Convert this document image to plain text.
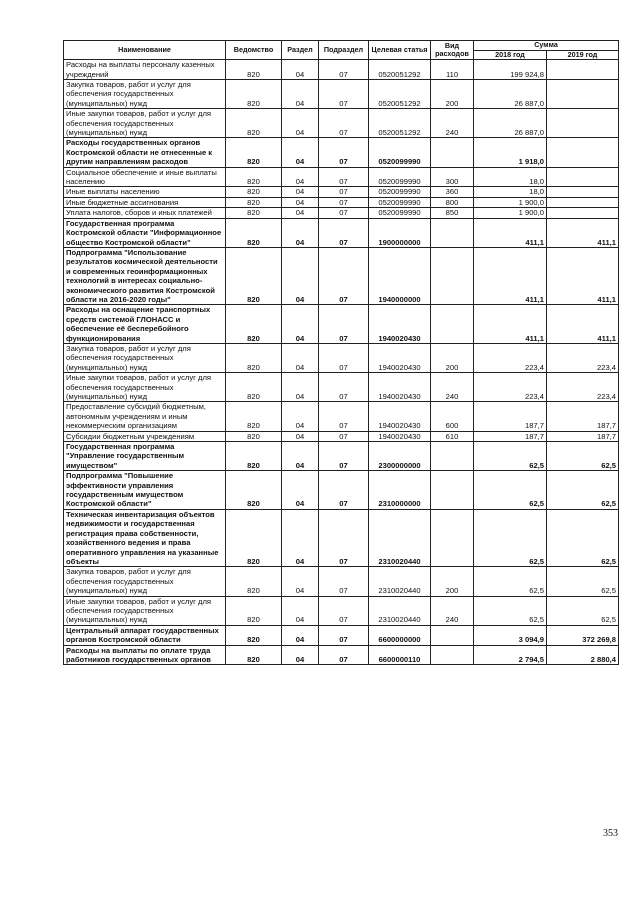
Наименование	Ведомство	Раздел	Подраздел	Целевая статья	Вид расходов	Сумма	
						2018 год	2019 год
Расходы на выплаты персоналу казенных учреждений	820	04	07	0520051292	110	199 924,8	
Закупка товаров, работ и услуг для обеспечения государственных (муниципальных) нужд	820	04	07	0520051292	200	26 887,0	
Иные закупки товаров, работ и услуг для обеспечения государственных (муниципальных) нужд	820	04	07	0520051292	240	26 887,0	
Расходы государственных органов Костромской области не отнесенные к другим направлениям расходов	820	04	07	0520099990		1 918,0	
Социальное обеспечение и иные выплаты населению	820	04	07	0520099990	300	18,0	
Иные выплаты населению	820	04	07	0520099990	360	18,0	
Иные бюджетные ассигнования	820	04	07	0520099990	800	1 900,0	
Уплата налогов, сборов и иных платежей	820	04	07	0520099990	850	1 900,0	
Государственная программа Костромской области "Информационное общество Костромской области"	820	04	07	1900000000		411,1	411,1
Подпрограмма "Использование результатов космической деятельности и современных геоинформационных технологий в интересах социально-экономического развития Костромской области на 2016-2020 годы"	820	04	07	1940000000		411,1	411,1
Расходы на оснащение транспортных средств системой ГЛОНАСС и обеспечение её бесперебойного функционирования	820	04	07	1940020430		411,1	411,1
Закупка товаров, работ и услуг для обеспечения государственных (муниципальных) нужд	820	04	07	1940020430	200	223,4	223,4
Иные закупки товаров, работ и услуг для обеспечения государственных (муниципальных) нужд	820	04	07	1940020430	240	223,4	223,4
Предоставление субсидий бюджетным, автономным учреждениям и иным некоммерческим организациям	820	04	07	1940020430	600	187,7	187,7
Субсидии бюджетным учреждениям	820	04	07	1940020430	610	187,7	187,7
Государственная программа "Управление государственным имуществом"	820	04	07	2300000000		62,5	62,5
Подпрограмма "Повышение эффективности управления государственным имуществом Костромской области"	820	04	07	2310000000		62,5	62,5
Техническая инвентаризация объектов недвижимости и государственная регистрация права собственности, хозяйственного ведения и права оперативного управления на указанные объекты	820	04	07	2310020440		62,5	62,5
Закупка товаров, работ и услуг для обеспечения государственных (муниципальных) нужд	820	04	07	2310020440	200	62,5	62,5
Иные закупки товаров, работ и услуг для обеспечения государственных (муниципальных) нужд	820	04	07	2310020440	240	62,5	62,5
Центральный аппарат государственных органов Костромской области	820	04	07	6600000000		3 094,9	372 269,8
Расходы на выплаты по оплате труда работников государственных органов	820	04	07	6600000110		2 794,5	2 880,4
353
